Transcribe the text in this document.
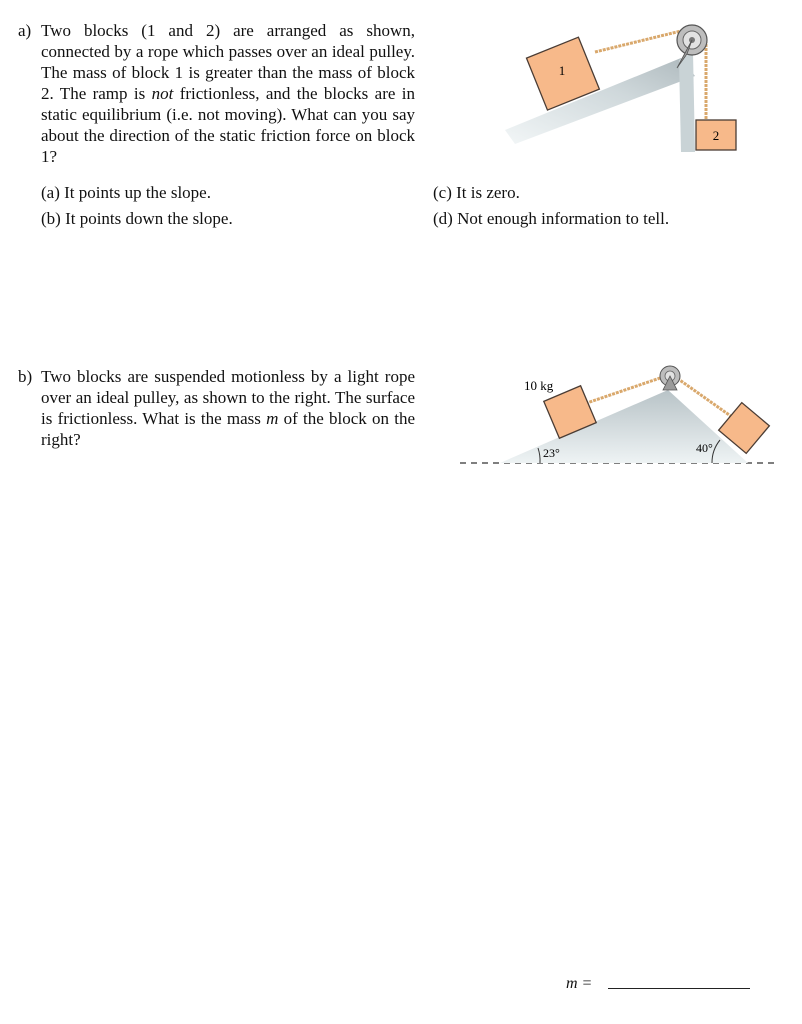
a) Two blocks (1 and 2) are arranged as shown, connected by a rope which passes over an ideal pulley. The mass of block 1 is greater than the mass of block 2. The ramp is not frictionless, and the blocks are in static equilibrium (i.e. not moving). What can you say about the direction of the static friction force on block 1?
1
2
(a) It points up the slope.
(b) It points down the slope.
(c) It is zero.
(d) Not enough information to tell.
b) Two blocks are suspended motionless by a light rope over an ideal pulley, as shown to the right. The surface is frictionless. What is the mass m of the block on the right?
10 kg
23°	40°
m =
